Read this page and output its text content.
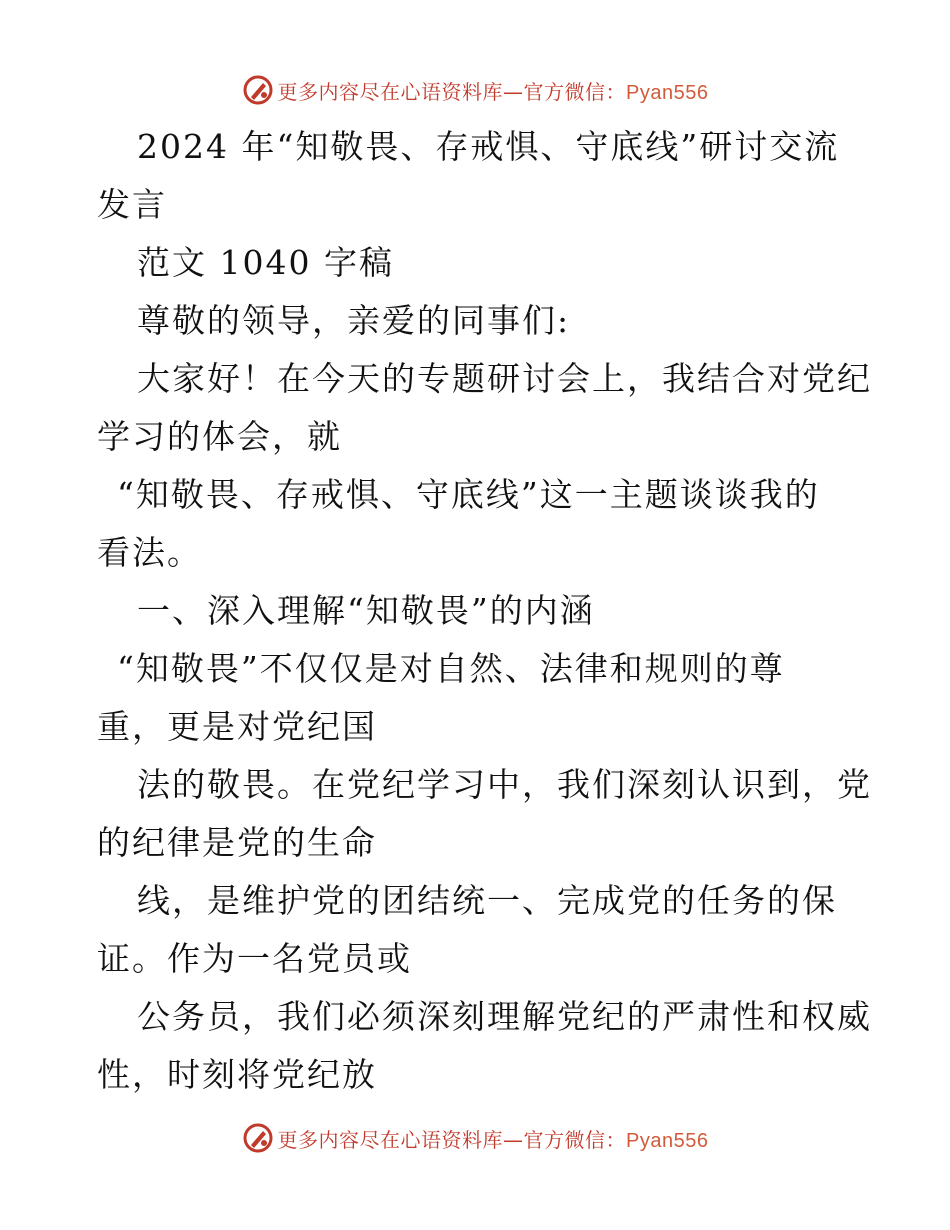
更多内容尽在心语资料库—官方微信：Pyan556
2024 年“知敬畏、存戒惧、守底线”研讨交流
发言
范文 1040 字稿
尊敬的领导，亲爱的同事们:
大家好！在今天的专题研讨会上，我结合对党纪
学习的体会，就
“知敬畏、存戒惧、守底线”这一主题谈谈我的
看法。
一、深入理解“知敬畏”的内涵
“知敬畏”不仅仅是对自然、法律和规则的尊
重，更是对党纪国
法的敬畏。在党纪学习中，我们深刻认识到，党
的纪律是党的生命
线，是维护党的团结统一、完成党的任务的保
证。作为一名党员或
公务员，我们必须深刻理解党纪的严肃性和权威
性，时刻将党纪放
更多内容尽在心语资料库—官方微信：Pyan556
